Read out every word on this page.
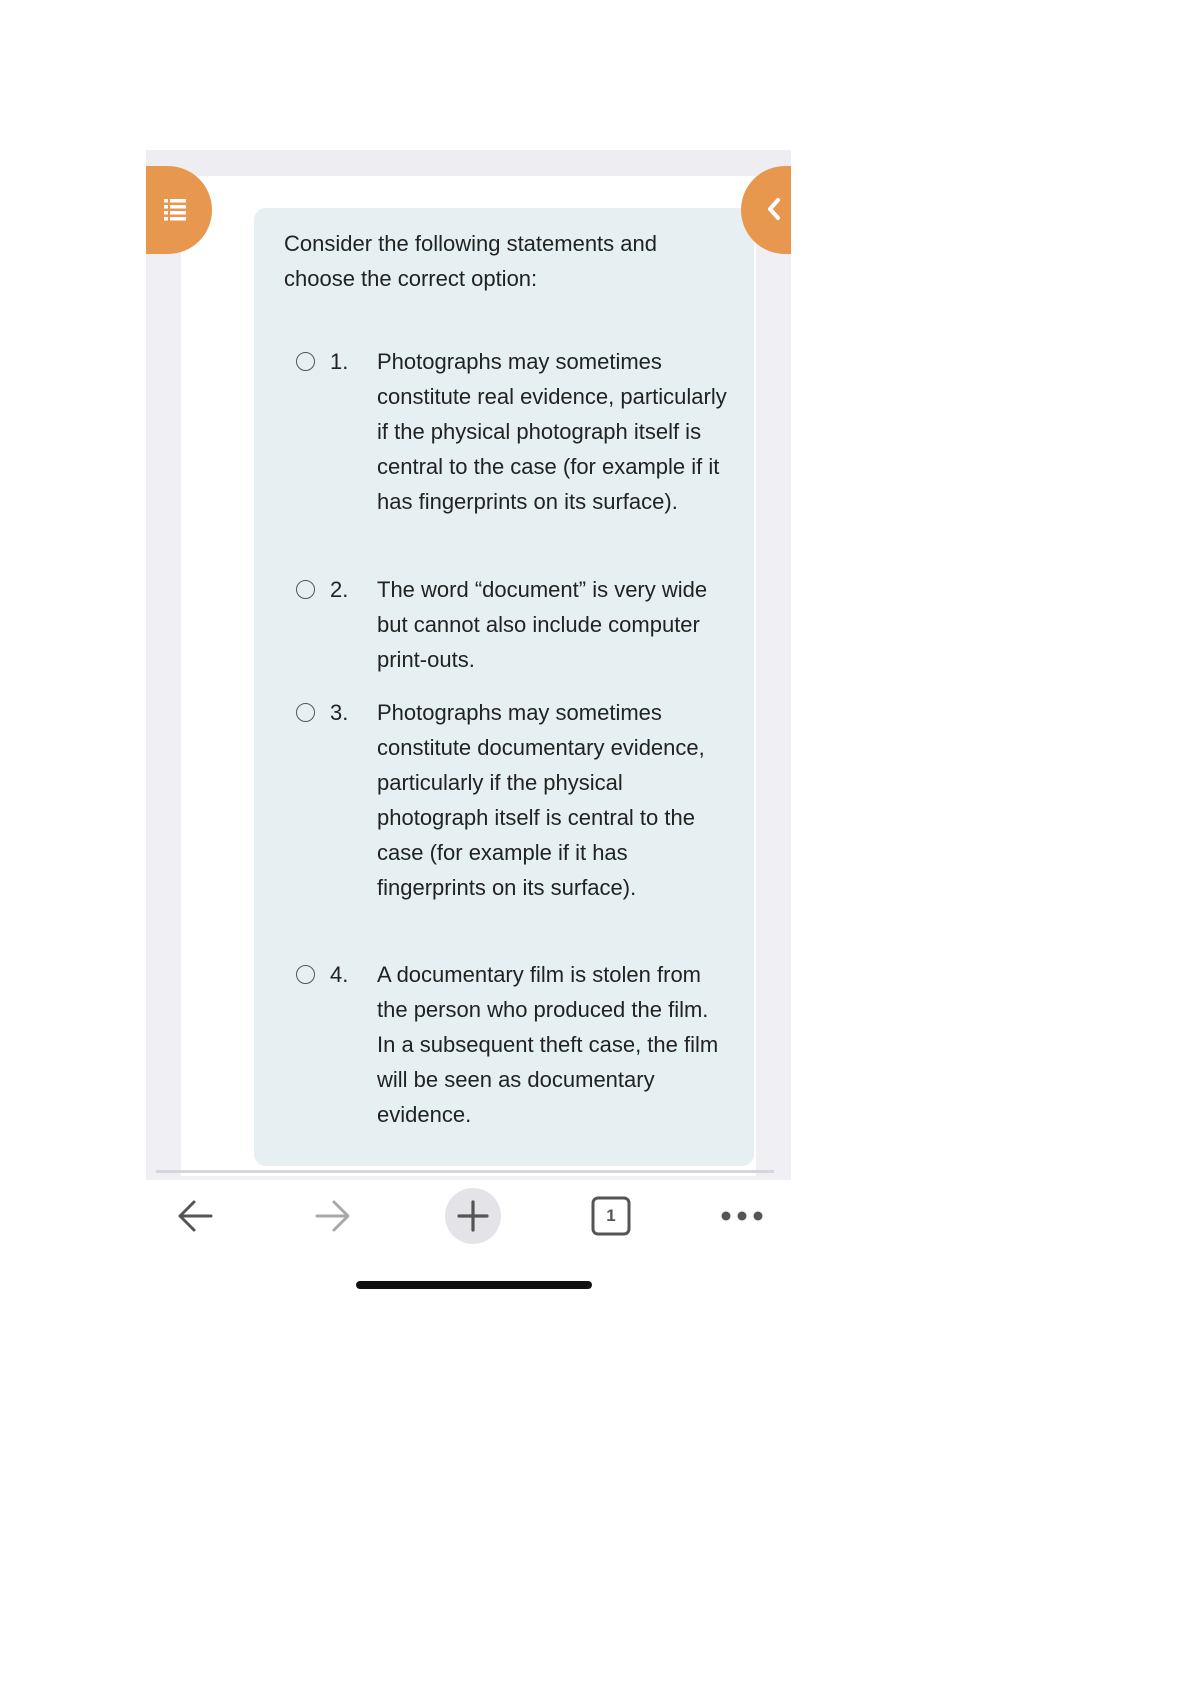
Consider the following statements and choose the correct option:
1. Photographs may sometimes constitute real evidence, particularly if the physical photograph itself is central to the case (for example if it has fingerprints on its surface).
2. The word “document” is very wide but cannot also include computer print-outs.
3. Photographs may sometimes constitute documentary evidence, particularly if the physical photograph itself is central to the case (for example if it has fingerprints on its surface).
4. A documentary film is stolen from the person who produced the film. In a subsequent theft case, the film will be seen as documentary evidence.
1
